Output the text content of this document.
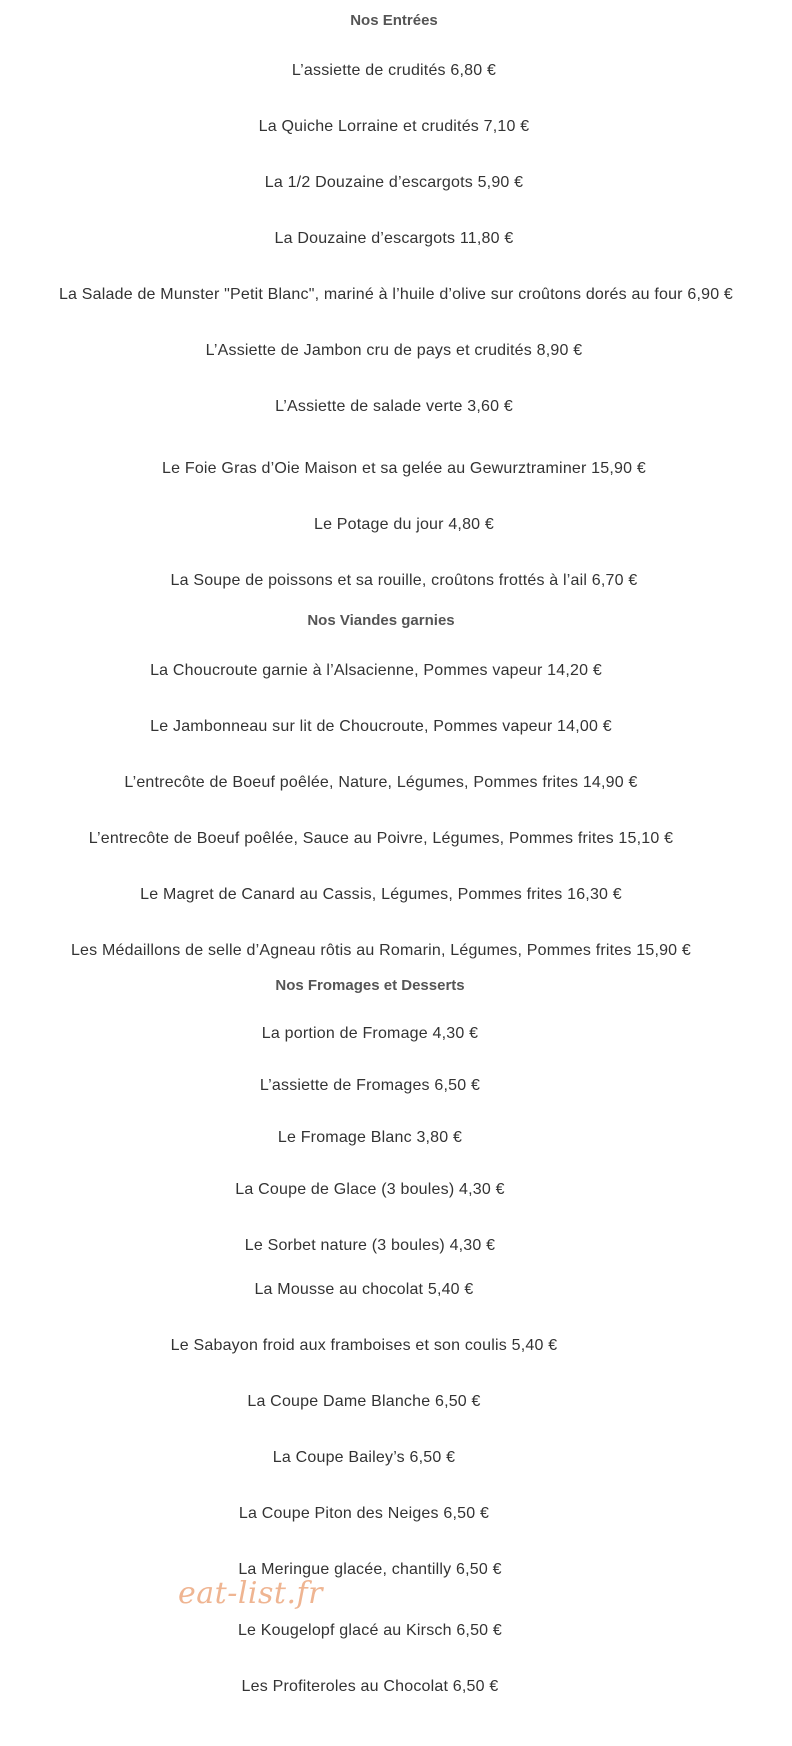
Nos Entrées
L’assiette de crudités 6,80 €
La Quiche Lorraine et crudités 7,10 €
La 1/2 Douzaine d’escargots 5,90 €
La Douzaine d’escargots 11,80 €
La Salade de Munster "Petit Blanc", mariné à l’huile d’olive sur croûtons dorés au four 6,90 €
L’Assiette de Jambon cru de pays et crudités 8,90 €
L’Assiette de salade verte 3,60 €
Le Foie Gras d’Oie Maison et sa gelée au Gewurztraminer 15,90 €
Le Potage du jour 4,80 €
La Soupe de poissons et sa rouille, croûtons frottés à l’ail 6,70 €
Nos Viandes garnies
La Choucroute garnie à l’Alsacienne, Pommes vapeur 14,20 €
Le Jambonneau sur lit de Choucroute, Pommes vapeur 14,00 €
L’entrecôte de Boeuf poêlée, Nature, Légumes, Pommes frites 14,90 €
L’entrecôte de Boeuf poêlée, Sauce au Poivre, Légumes, Pommes frites 15,10 €
Le Magret de Canard au Cassis, Légumes, Pommes frites 16,30 €
Les Médaillons de selle d’Agneau rôtis au Romarin, Légumes, Pommes frites 15,90 €
Nos Fromages et Desserts
La portion de Fromage 4,30 €
L’assiette de Fromages 6,50 €
Le Fromage Blanc 3,80 €
La Coupe de Glace (3 boules) 4,30 €
Le Sorbet nature (3 boules) 4,30 €
La Mousse au chocolat 5,40 €
Le Sabayon froid aux framboises et son coulis 5,40 €
La Coupe Dame Blanche 6,50 €
La Coupe Bailey’s 6,50 €
La Coupe Piton des Neiges 6,50 €
La Meringue glacée, chantilly 6,50 €
Le Kougelopf glacé au Kirsch 6,50 €
Les Profiteroles au Chocolat 6,50 €
eat-list.fr
